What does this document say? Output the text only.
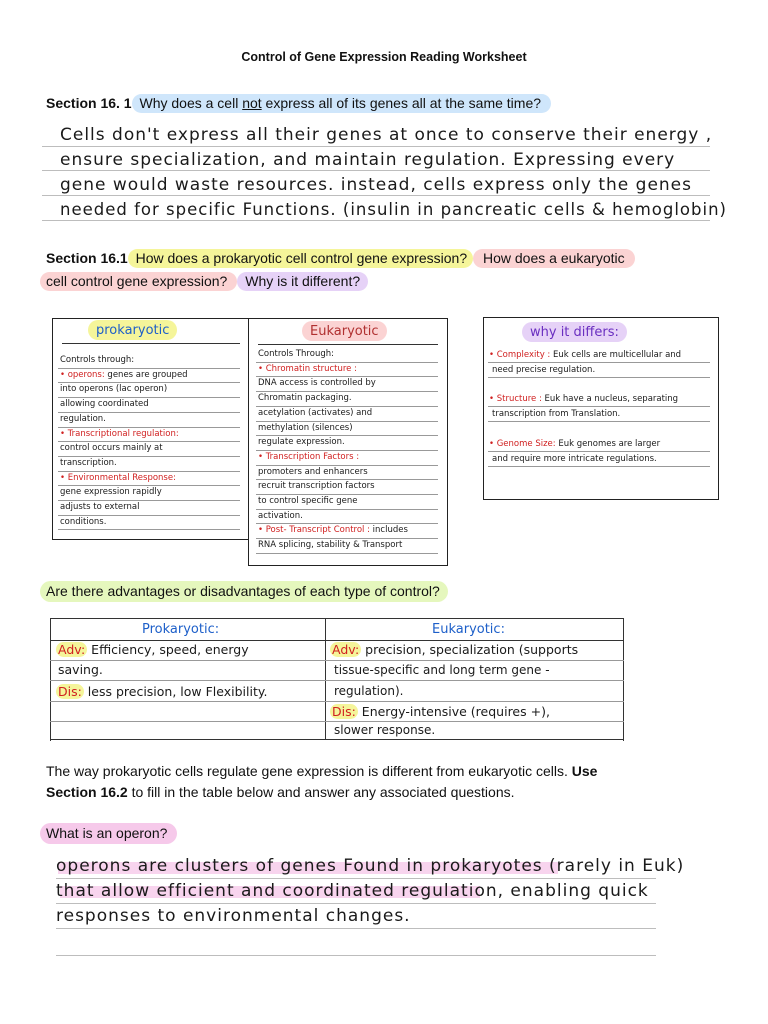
Control of Gene Expression Reading Worksheet
Section 16. 1 Why does a cell not express all of its genes all at the same time?
Cells don't express all their genes at once to conserve their energy ,
ensure specialization, and maintain regulation. Expressing every
gene would waste resources. instead, cells express only the genes
needed for specific Functions. (insulin in pancreatic cells & hemoglobin)
Section 16.1 How does a prokaryotic cell control gene expression? How does a eukaryotic
cell control gene expression? Why is it different?
prokaryotic
Controls through:
• operons: genes are grouped
into operons (lac operon)
allowing coordinated
regulation.
• Transcriptional regulation:
control occurs mainly at
transcription.
• Environmental Response:
gene expression rapidly
adjusts to external
conditions.
Eukaryotic
Controls Through:
• Chromatin structure :
DNA access is controlled by
Chromatin packaging.
acetylation (activates) and
methylation (silences)
regulate expression.
• Transcription Factors :
promoters and enhancers
recruit transcription factors
to control specific gene
activation.
• Post- Transcript Control : includes
RNA splicing, stability & Transport
why it differs:
• Complexity : Euk cells are multicellular and
need precise regulation.
• Structure : Euk have a nucleus, separating
transcription from Translation.
• Genome Size: Euk genomes are larger
and require more intricate regulations.
Are there advantages or disadvantages of each type of control?
Prokaryotic:	Eukaryotic:
Adv: Efficiency, speed, energy
saving.
Dis: less precision, low Flexibility.
Adv: precision, specialization (supports
tissue-specific and long term gene -
regulation).
Dis: Energy-intensive (requires +),
slower response.
The way prokaryotic cells regulate gene expression is different from eukaryotic cells. Use
Section 16.2 to fill in the table below and answer any associated questions.
What is an operon?
operons are clusters of genes Found in prokaryotes (rarely in Euk)
that allow efficient and coordinated regulation, enabling quick
responses to environmental changes.
